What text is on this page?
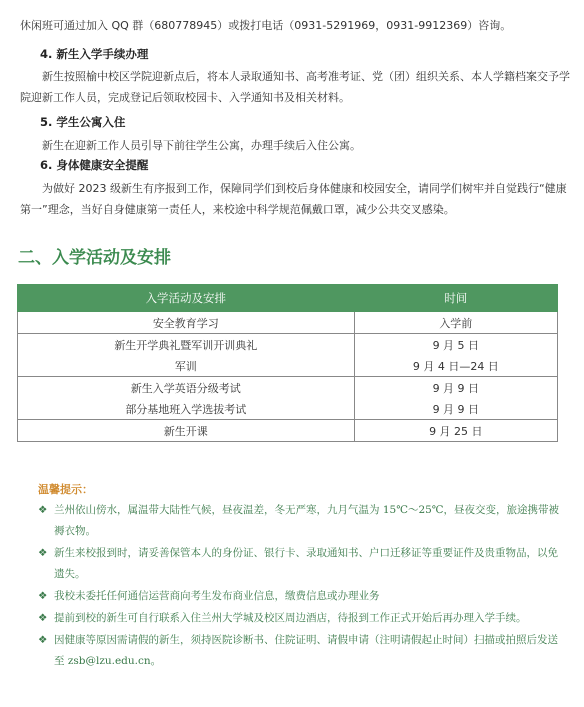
休闲班可通过加入 QQ 群（680778945）或拨打电话（0931-5291969，0931-9912369）咨询。

4. 新生入学手续办理

新生按照榆中校区学院迎新点后，将本人录取通知书、高考准考证、党（团）组织关系、本人学籍档案交予学院迎新工作人员，完成登记后领取校园卡、入学通知书及相关材料。

5. 学生公寓入住

新生在迎新工作人员引导下前往学生公寓，办理手续后入住公寓。

6. 身体健康安全提醒

为做好 2023 级新生有序报到工作，保障同学们到校后身体健康和校园安全，请同学们树牢并自觉践行“健康第一”理念，当好自身健康第一责任人，来校途中科学规范佩戴口罩，减少公共交叉感染。

二、入学活动及安排
入学活动及安排	时间
安全教育学习	入学前
新生开学典礼暨军训开训典礼	9 月 5 日
军训	9 月 4 日—24 日
新生入学英语分级考试	9 月 9 日
部分基地班入学选拔考试	9 月 9 日
新生开课	9 月 25 日

温馨提示：

❖ 兰州依山傍水，属温带大陆性气候，昼夜温差，冬无严寒，九月气温为 15℃～25℃，昼夜交变，旅途携带被褥衣物。
❖ 新生来校报到时，请妥善保管本人的身份证、银行卡、录取通知书、户口迁移证等重要证件及贵重物品，以免遗失。
❖ 我校未委托任何通信运营商向考生发布商业信息，缴费信息或办理业务
❖ 提前到校的新生可自行联系入住兰州大学城及校区周边酒店，待报到工作正式开始后再办理入学手续。
❖ 因健康等原因需请假的新生，须持医院诊断书、住院证明、请假申请（注明请假起止时间）扫描或拍照后发送至 zsb@lzu.edu.cn。
